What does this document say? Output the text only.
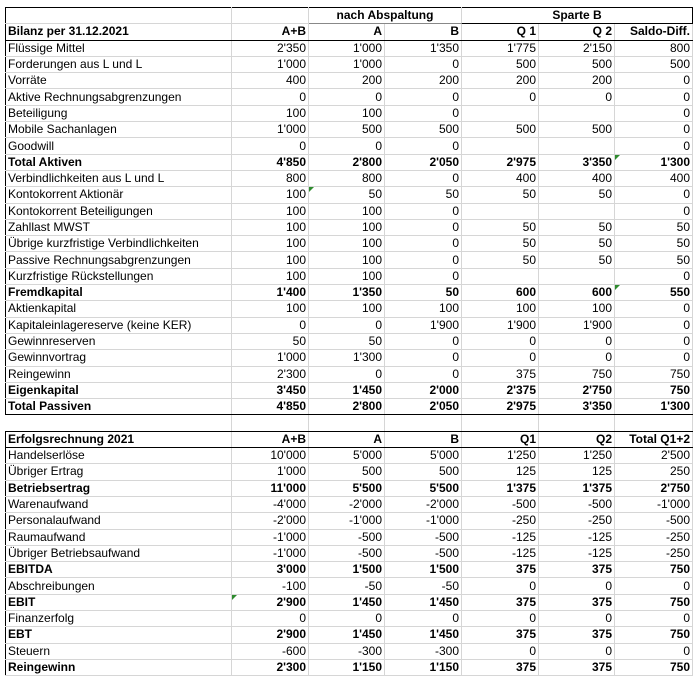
		nach Abspaltung		Sparte B		
Bilanz per 31.12.2021	A+B	A	B	Q 1	Q 2	Saldo-Diff.
Flüssige Mittel	2'350	1'000	1'350	1'775	2'150	800
Forderungen aus L und L	1'000	1'000	0	500	500	500
Vorräte	400	200	200	200	200	0
Aktive Rechnungsabgrenzungen	0	0	0	0	0	0
Beteiligung	100	100	0			0
Mobile Sachanlagen	1'000	500	500	500	500	0
Goodwill	0	0	0			0
Total Aktiven	4'850	2'800	2'050	2'975	3'350	1'300
Verbindlichkeiten aus L und L	800	800	0	400	400	400
Kontokorrent Aktionär	100	50	50	50	50	0
Kontokorrent Beteiligungen	100	100	0			0
Zahllast MWST	100	100	0	50	50	50
Übrige kurzfristige Verbindlichkeiten	100	100	0	50	50	50
Passive Rechnungsabgrenzungen	100	100	0	50	50	50
Kurzfristige Rückstellungen	100	100	0			0
Fremdkapital	1'400	1'350	50	600	600	550
Aktienkapital	100	100	100	100	100	0
Kapitaleinlagereserve (keine KER)	0	0	1'900	1'900	1'900	0
Gewinnreserven	50	50	0	0	0	0
Gewinnvortrag	1'000	1'300	0	0	0	0
Reingewinn	2'300	0	0	375	750	750
Eigenkapital	3'450	1'450	2'000	2'375	2'750	750
Total Passiven	4'850	2'800	2'050	2'975	3'350	1'300

Erfolgsrechnung 2021	A+B	A	B	Q1	Q2	Total Q1+2
Handelserlöse	10'000	5'000	5'000	1'250	1'250	2'500
Übriger Ertrag	1'000	500	500	125	125	250
Betriebsertrag	11'000	5'500	5'500	1'375	1'375	2'750
Warenaufwand	-4'000	-2'000	-2'000	-500	-500	-1'000
Personalaufwand	-2'000	-1'000	-1'000	-250	-250	-500
Raumaufwand	-1'000	-500	-500	-125	-125	-250
Übriger Betriebsaufwand	-1'000	-500	-500	-125	-125	-250
EBITDA	3'000	1'500	1'500	375	375	750
Abschreibungen	-100	-50	-50	0	0	0
EBIT	2'900	1'450	1'450	375	375	750
Finanzerfolg	0	0	0	0	0	0
EBT	2'900	1'450	1'450	375	375	750
Steuern	-600	-300	-300	0	0	0
Reingewinn	2'300	1'150	1'150	375	375	750
